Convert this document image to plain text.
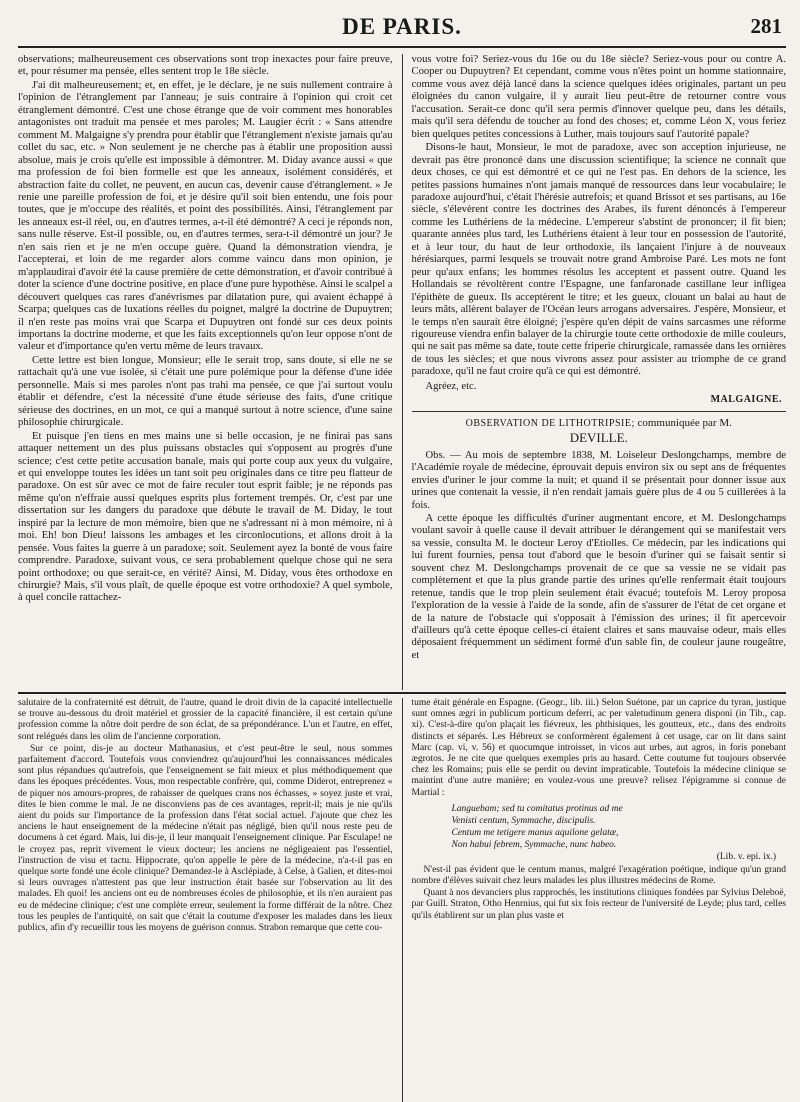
DE PARIS.	281

observations; malheureusement ces observations sont trop inexactes pour faire preuve, et, pour résumer ma pensée, elles sentent trop le 18e siècle.

J'ai dit malheureusement; et, en effet, je le déclare, je ne suis nullement contraire à l'opinion de l'étranglement par l'anneau; je suis contraire à l'opinion qui croit cet étranglement démontré. C'est une chose étrange que de voir comment mes honorables antagonistes ont traduit ma pensée et mes paroles; M. Laugier écrit : « Sans attendre comment M. Malgaigne s'y prendra pour établir que l'étranglement n'existe jamais qu'au collet du sac, etc. » Non seulement je ne cherche pas à établir une proposition aussi absolue, mais je crois qu'elle est impossible à démontrer. M. Diday avance aussi « que ma profession de foi bien formelle est que les anneaux, isolément considérés, et abstraction faite du collet, ne peuvent, en aucun cas, devenir cause d'étranglement. » Je renie une pareille profession de foi, et je désire qu'il soit bien entendu, une fois pour toutes, que je m'occupe des réalités, et point des possibilités. Ainsi, l'étranglement par les anneaux est-il réel, ou, en d'autres termes, a-t-il été démontré? A ceci je réponds non, sans nulle réserve. Est-il possible, ou, en d'autres termes, sera-t-il démontré un jour? Je n'en sais rien et je ne m'en occupe guère. Quand la démonstration viendra, je l'accepterai, et loin de me regarder alors comme vaincu dans mon opinion, je m'applaudirai d'avoir été la cause première de cette démonstration, et d'avoir contribué à doter la science d'une doctrine positive, en place d'une pure hypothèse. Ainsi le scalpel a découvert quelques cas rares d'anévrismes par dilatation pure, qui avaient échappé à Scarpa; quelques cas de luxations réelles du poignet, malgré la doctrine de Dupuytren; il n'en reste pas moins vrai que Scarpa et Dupuytren ont fondé sur ces deux points importans la doctrine moderne, et que les faits exceptionnels qu'on leur oppose n'ont de valeur et d'importance qu'en vertu même de leurs travaux.

Cette lettre est bien longue, Monsieur; elle le serait trop, sans doute, si elle ne se rattachait qu'à une vue isolée, si c'était une pure polémique pour la défense d'une idée personnelle. Mais si mes paroles n'ont pas trahi ma pensée, ce que j'ai surtout voulu établir et défendre, c'est la nécessité d'une étude sérieuse des faits, d'une critique sérieuse des doctrines, en un mot, ce qui a manqué surtout à notre science, d'une saine philosophie chirurgicale.

Et puisque j'en tiens en mes mains une si belle occasion, je ne finirai pas sans attaquer nettement un des plus puissans obstacles qui s'opposent au progrès d'une science; c'est cette petite accusation banale, mais qui porte coup aux yeux du vulgaire, et qui enveloppe toutes les idées un tant soit peu originales dans ce titre peu flatteur de paradoxe. On est sûr avec ce mot de faire reculer tout esprit faible; je ne réponds pas même qu'on n'effraie aussi quelques esprits plus fortement trempés. Or, c'est par une dissertation sur les dangers du paradoxe que débute le travail de M. Diday, le tout inspiré par la lecture de mon mémoire, bien que ne s'adressant ni à mon mémoire, ni à moi. Eh! bon Dieu! laissons les ambages et les circonlocutions, et allons droit à la pensée. Vous faites la guerre à un paradoxe; soit. Seulement ayez la bonté de vous faire comprendre. Paradoxe, suivant vous, ce sera probablement quelque chose qui ne sera point orthodoxe; ou que serait-ce, en vérité? Ainsi, M. Diday, vous êtes orthodoxe en chirurgie? Mais, s'il vous plaît, de quelle époque est votre orthodoxie? A quel symbole, à quel concile rattachez-

vous votre foi? Seriez-vous du 16e ou du 18e siècle? Seriez-vous pour ou contre A. Cooper ou Dupuytren? Et cependant, comme vous n'êtes point un homme stationnaire, comme vous avez déjà lancé dans la science quelques idées originales, partant un peu éloignées du canon vulgaire, il y aurait lieu peut-être de retourner contre vous l'accusation. Serait-ce donc qu'il sera permis d'innover quelque peu, dans les détails, mais qu'il sera défendu de toucher au fond des choses; et, comme Léon X, vous feriez bien quelques petites concessions à Luther, mais toujours sauf l'autorité papale?

Disons-le haut, Monsieur, le mot de paradoxe, avec son acception injurieuse, ne devrait pas être prononcé dans une discussion scientifique; la science ne connaît que deux choses, ce qui est démontré et ce qui ne l'est pas. En dehors de la science, les petites passions humaines n'ont jamais manqué de ressources dans leur vocabulaire; le paradoxe aujourd'hui, c'était l'hérésie autrefois; et quand Brissot et ses partisans, au 16e siècle, s'élevèrent contre les doctrines des Arabes, ils furent dénoncés à l'empereur comme les Luthériens de la médecine. L'empereur s'abstint de prononcer; il fit bien; quarante années plus tard, les Luthériens étaient à leur tour en possession de l'autorité, et à leur tour, du haut de leur orthodoxie, ils lançaient l'injure à de nouveaux hérésiarques, parmi lesquels se trouvait notre grand Ambroise Paré. Les mots ne font peur qu'aux enfans; les hommes résolus les acceptent et passent outre. Quand les Hollandais se révoltèrent contre l'Espagne, une fanfaronade castillane leur infligea l'épithète de gueux. Ils acceptèrent le titre; et les gueux, clouant un balai au haut de leurs mâts, allèrent balayer de l'Océan leurs arrogans adversaires. J'espère, Monsieur, et le temps n'en saurait être éloigné; j'espère qu'en dépit de vains sarcasmes une réforme rigoureuse viendra enfin balayer de la chirurgie toute cette orthodoxie de mille couleurs, qui ne sait pas même sa date, toute cette friperie chirurgicale, ramassée dans les ornières de tous les siècles; et que nous vivrons assez pour assister au triomphe de ce grand paradoxe, qu'il ne faut croire qu'à ce qui est démontré.

Agréez, etc.
MALGAIGNE.
OBSERVATION DE LITHOTRIPSIE; communiquée par M.
DEVILLE.

Obs. — Au mois de septembre 1838, M. Loiseleur Deslongchamps, membre de l'Académie royale de médecine, éprouvait depuis environ six ou sept ans de fréquentes envies d'uriner le jour comme la nuit; et quand il se présentait pour donner issue aux urines que contenait la vessie, il n'en rendait jamais guère plus de 4 ou 5 cuillerées à la fois.

A cette époque les difficultés d'uriner augmentant encore, et M. Deslongchamps voulant savoir à quelle cause il devait attribuer le dérangement qui se manifestait vers sa vessie, consulta M. le docteur Leroy d'Etiolles. Ce médecin, par les indications qui lui furent fournies, pensa tout d'abord que le besoin d'uriner qui se faisait sentir si souvent chez M. Deslongchamps provenait de ce que sa vessie ne se vidait pas complètement et que la plus grande partie des urines qu'elle renfermait était toujours retenue, tandis que le trop plein seulement était évacué; toutefois M. Leroy proposa l'exploration de la vessie à l'aide de la sonde, afin de s'assurer de l'état de cet organe et de la nature de l'obstacle qui s'opposait à l'émission des urines; il fit apercevoir d'ailleurs qu'à cette époque celles-ci étaient claires et sans mauvaise odeur, mais elles déposaient fréquemment un sédiment formé d'un sable fin, de couleur jaune rougeâtre, et

salutaire de la confraternité est détruit, de l'autre, quand le droit divin de la capacité intellectuelle se trouve au-dessous du droit matériel et grossier de la capacité financière, il est certain qu'une profession comme la nôtre doit perdre de son éclat, de sa prépondérance. L'un et l'autre, en effet, sont relégués dans les olim de l'ancienne corporation.

Sur ce point, dis-je au docteur Mathanasius, et c'est peut-être le seul, nous sommes parfaitement d'accord. Toutefois vous conviendrez qu'aujourd'hui les connaissances médicales sont plus répandues qu'autrefois, que l'enseignement se fait mieux et plus méthodiquement que dans les époques précédentes. Vous, mon respectable confrère, qui, comme Diderot, entreprenez « de piquer nos amours-propres, de rabaisser de quelques crans nos échasses, » soyez juste et vrai, dites le bien comme le mal. Je ne disconviens pas de ces avantages, reprit-il; mais je nie qu'ils aient du poids sur l'importance de la profession dans l'état social actuel. J'ajoute que chez les anciens le haut enseignement de la médecine n'était pas négligé, bien qu'il nous reste peu de documens à cet égard. Mais, lui dis-je, il leur manquait l'enseignement clinique. Par Esculape! ne le croyez pas, reprit vivement le vieux docteur; les anciens ne négligeaient pas l'essentiel, l'instruction de visu et tactu. Hippocrate, qu'on appelle le père de la médecine, n'a-t-il pas en quelque sorte fondé une école clinique? Demandez-le à Asclépiade, à Celse, à Galien, et dites-moi si leurs ouvrages n'attestent pas que leur instruction était basée sur l'observation au lit des malades. Eh quoi! les anciens ont eu de nombreuses écoles de philosophie, et ils n'en auraient pas eu de médecine clinique; c'est une complète erreur, seulement la forme différait de la nôtre. Chez tous les peuples de l'antiquité, on sait que c'était la coutume d'exposer les malades dans les lieux publics, afin d'y recueillir tous les moyens de guérison connus. Strabon remarque que cette cou-

tume était générale en Espagne. (Geogr., lib. iii.) Selon Suétone, par un caprice du tyran, justique sunt omnes ægri in publicum porticum deferri, ac per valetudinum genera disponi (in Tib., cap. xi). C'est-à-dire qu'on plaçait les fiévreux, les phthisiques, les goutteux, etc., dans des endroits distincts et séparés. Les Hébreux se conformèrent également à cet usage, car on lit dans saint Marc (cap. vi, v. 56) et quocumque introisset, in vicos aut urbes, aut agros, in foris ponebant ægrotos. Je ne cite que quelques exemples pris au hasard. Cette coutume fut toujours observée chez les Romains; puis elle se perdit ou devint impraticable. Toutefois la médecine clinique se maintint d'une autre manière; en voulez-vous une preuve? relisez l'épigramme si connue de Martial :

Languebam; sed tu comitatus protinus ad me
Venisti centum, Symmache, discipulis.
Centum me tetigere manus aquilone gelatæ,
Non habui febrem, Symmache, nunc habeo.
(Lib. v. epi. ix.)

N'est-il pas évident que le centum manus, malgré l'exagération poétique, indique qu'un grand nombre d'élèves suivait chez leurs malades les plus illustres médecins de Rome.

Quant à nos devanciers plus rapprochés, les institutions cliniques fondées par Sylvius Deleboë, par Guill. Straton, Otho Henrnius, qui fut six fois recteur de l'université de Leyde; plus tard, celles qu'ils établirent sur un plan plus vaste et
